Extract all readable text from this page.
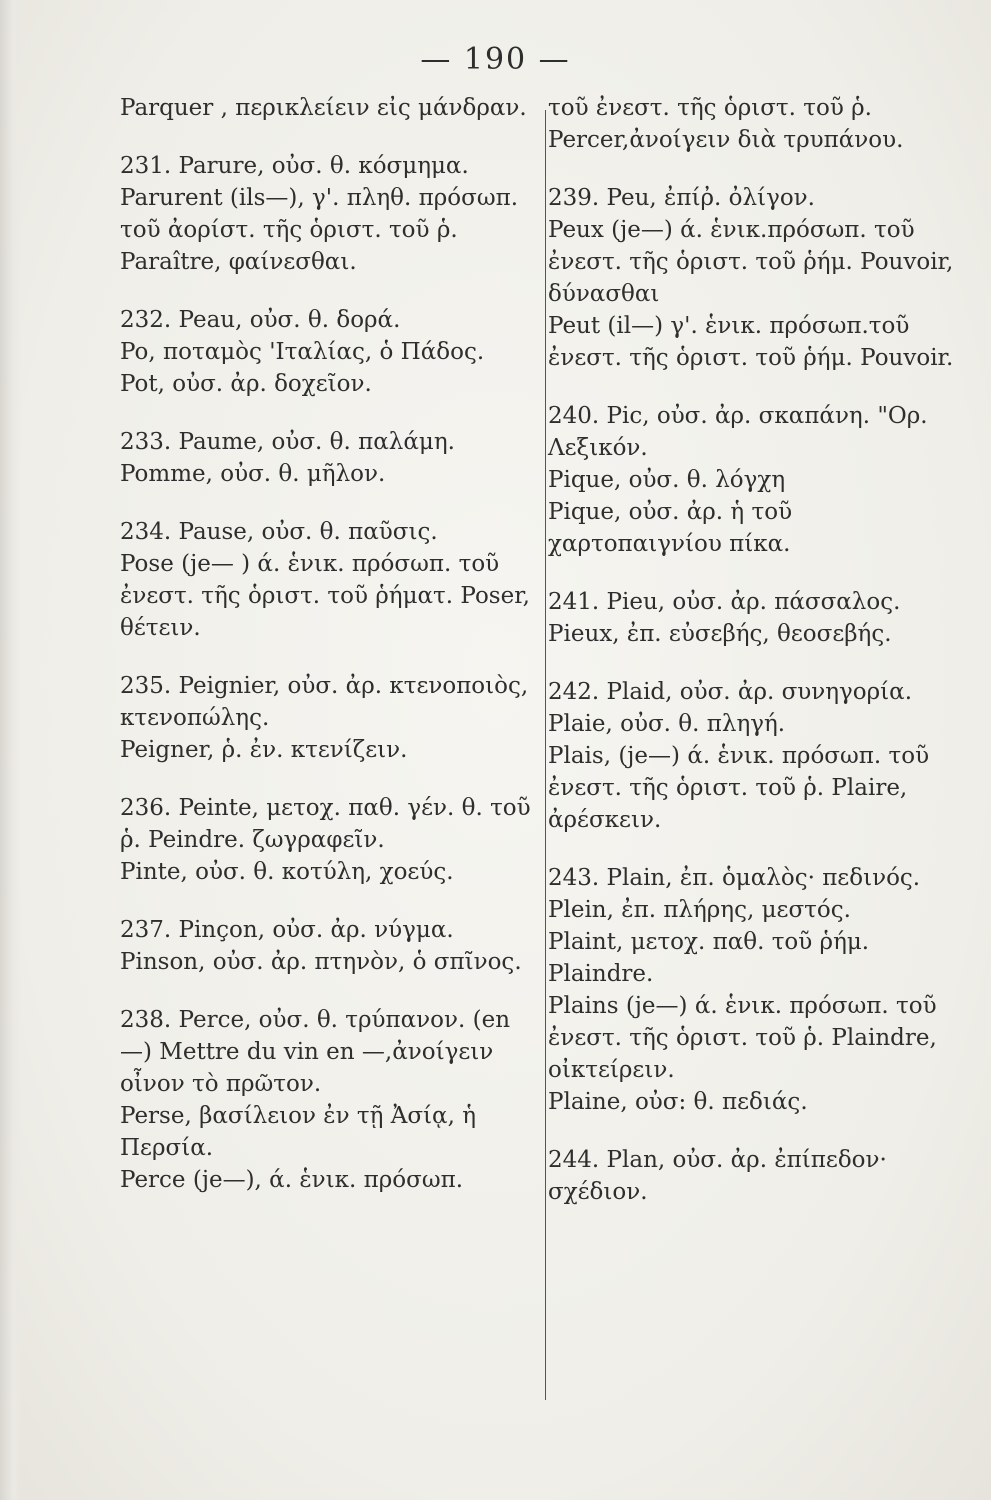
— 190 —

Parquer , περικλείειν εἰς μάνδραν.

231. Parure, οὐσ. θ. κόσμημα.

Parurent (ils—), γ'. πληθ. πρόσωπ. τοῦ ἀορίστ. τῆς ὁριστ. τοῦ ῥ. Paraître, φαίνεσθαι.

232. Peau, οὐσ. θ. δορά.

Po, ποταμὸς 'Ιταλίας, ὁ Πάδος.

Pot, οὐσ. ἀρ. δοχεῖον.

233. Paume, οὐσ. θ. παλάμη.

Pomme, οὐσ. θ. μῆλον.

234. Pause, οὐσ. θ. παῦσις.

Pose (je— ) ά. ἑνικ. πρόσωπ. τοῦ ἐνεστ. τῆς ὁριστ. τοῦ ῥήματ. Poser, θέτειν.

235. Peignier, οὐσ. ἀρ. κτενοποιὸς, κτενοπώλης.

Peigner, ῥ. ἐν. κτενίζειν.

236. Peinte, μετοχ. παθ. γέν. θ. τοῦ ῥ. Peindre. ζωγραφεῖν.

Pinte, οὐσ. θ. κοτύλη, χοεύς.

237. Pinçon, οὐσ. ἀρ. νύγμα.

Pinson, οὐσ. ἀρ. πτηνὸν, ὁ σπῖνος.

238. Perce, οὐσ. θ. τρύπανον. (en—) Mettre du vin en —,ἀνοίγειν οἶνον τὸ πρῶτον.

Perse, βασίλειον ἐν τῇ Ἀσίᾳ, ἡ Περσία.

Perce (je—), ά. ἑνικ. πρόσωπ.

τοῦ ἐνεστ. τῆς ὁριστ. τοῦ ῥ. Percer,ἀνοίγειν διὰ τρυπάνου.

239. Peu, ἐπίῤ. ὀλίγον.

Peux (je—) ά. ἑνικ.πρόσωπ. τοῦ ἐνεστ. τῆς ὁριστ. τοῦ ῥήμ. Pouvoir, δύνασθαι

Peut (il—) γ'. ἑνικ. πρόσωπ.τοῦ ἐνεστ. τῆς ὁριστ. τοῦ ῥήμ. Pouvoir.

240. Pic, οὐσ. ἀρ. σκαπάνη. "Ορ. Λεξικόν.

Pique, οὐσ. θ. λόγχη

Pique, οὐσ. ἀρ. ἡ τοῦ χαρτοπαιγνίου πίκα.

241. Pieu, οὐσ. ἀρ. πάσσαλος.

Pieux, ἐπ. εὐσεβής, θεοσεβής.

242. Plaid, οὐσ. ἀρ. συνηγορία.

Plaie, οὐσ. θ. πληγή.

Plais, (je—) ά. ἑνικ. πρόσωπ. τοῦ ἐνεστ. τῆς ὁριστ. τοῦ ῥ. Plaire, ἀρέσκειν.

243. Plain, ἐπ. ὁμαλὸς· πεδινός.

Plein, ἐπ. πλήρης, μεστός.

Plaint, μετοχ. παθ. τοῦ ῥήμ. Plaindre.

Plains (je—) ά. ἑνικ. πρόσωπ. τοῦ ἐνεστ. τῆς ὁριστ. τοῦ ῥ. Plaindre, οἰκτείρειν.

Plaine, οὐσ: θ. πεδιάς.

244. Plan, οὐσ. ἀρ. ἐπίπεδον· σχέδιον.
